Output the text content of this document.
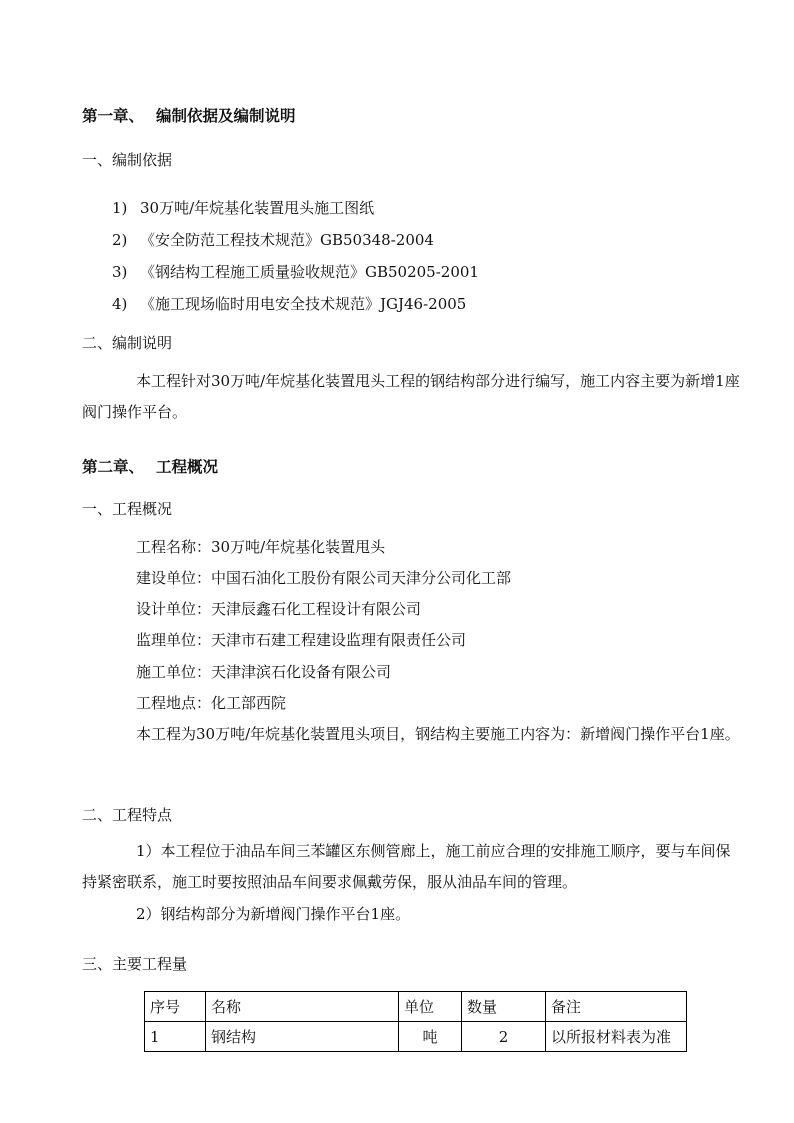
第一章、 编制依据及编制说明
一、编制依据
1) 30万吨/年烷基化装置甩头施工图纸
2) 《安全防范工程技术规范》GB50348-2004
3) 《钢结构工程施工质量验收规范》GB50205-2001
4) 《施工现场临时用电安全技术规范》JGJ46-2005
二、编制说明
本工程针对30万吨/年烷基化装置甩头工程的钢结构部分进行编写，施工内容主要为新增1座阀门操作平台。
第二章、 工程概况
一、工程概况
工程名称：30万吨/年烷基化装置甩头
建设单位：中国石油化工股份有限公司天津分公司化工部
设计单位：天津辰鑫石化工程设计有限公司
监理单位：天津市石建工程建设监理有限责任公司
施工单位：天津津滨石化设备有限公司
工程地点：化工部西院
本工程为30万吨/年烷基化装置甩头项目，钢结构主要施工内容为：新增阀门操作平台1座。
二、工程特点
1）本工程位于油品车间三苯罐区东侧管廊上，施工前应合理的安排施工顺序，要与车间保持紧密联系，施工时要按照油品车间要求佩戴劳保，服从油品车间的管理。
2）钢结构部分为新增阀门操作平台1座。
三、主要工程量
序号	名称	单位	数量	备注
1	钢结构	吨	2	以所报材料表为准
